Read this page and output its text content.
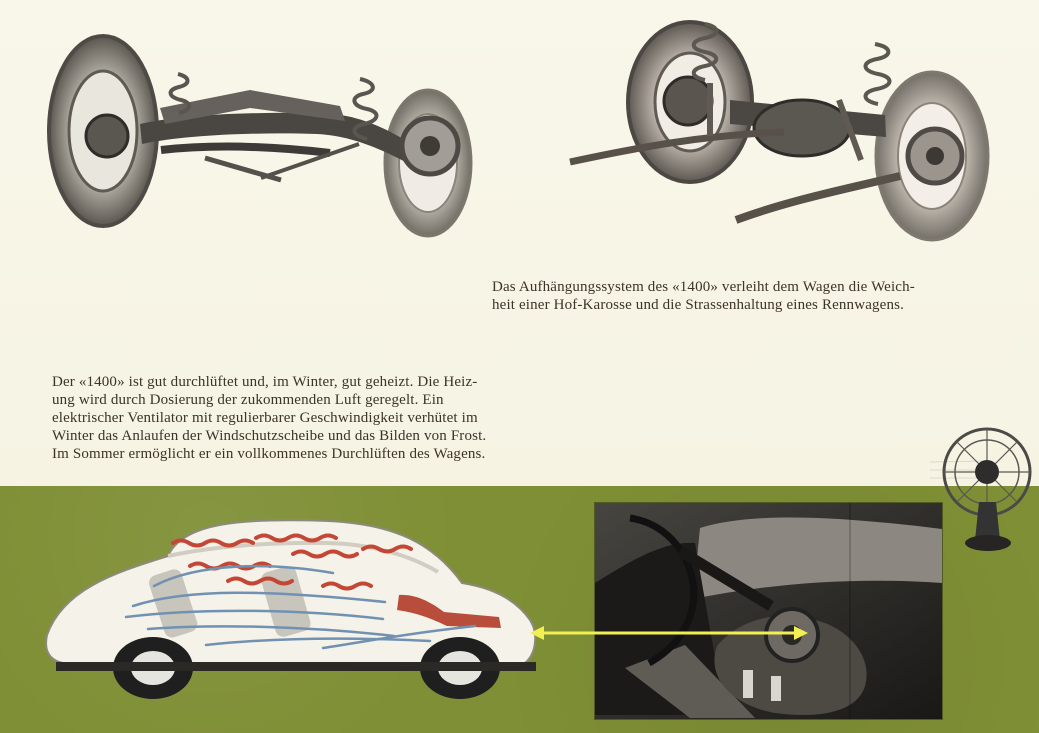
Das Aufhängungssystem des «1400» verleiht dem Wagen die Weich-

heit einer Hof-Karosse und die Strassenhaltung eines Rennwagens.

Der «1400» ist gut durchlüftet und, im Winter, gut geheizt. Die Heiz-

ung wird durch Dosierung der zukommenden Luft geregelt. Ein

elektrischer Ventilator mit regulierbarer Geschwindigkeit verhütet im

Winter das Anlaufen der Windschutzscheibe und das Bilden von Frost.

Im Sommer ermöglicht er ein vollkommenes Durchlüften des Wagens.
